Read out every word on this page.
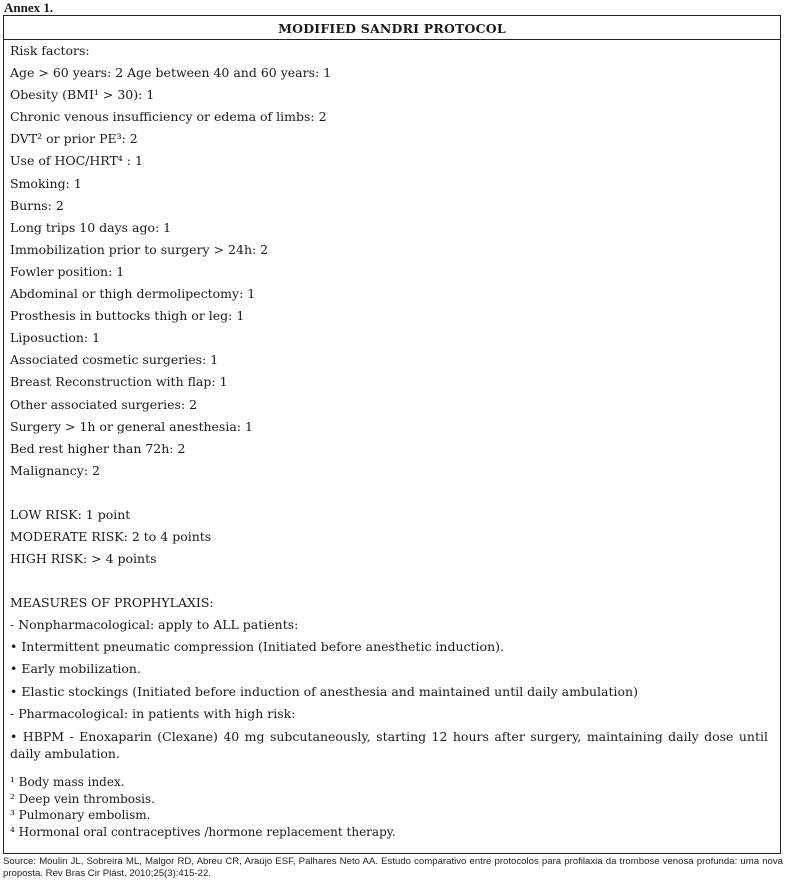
Annex 1.
MODIFIED SANDRI PROTOCOL
Risk factors:
Age > 60 years: 2 Age between 40 and 60 years: 1
Obesity (BMI¹ > 30): 1
Chronic venous insufficiency or edema of limbs: 2
DVT² or prior PE³: 2
Use of HOC/HRT⁴ : 1
Smoking: 1
Burns: 2
Long trips 10 days ago: 1
Immobilization prior to surgery > 24h: 2
Fowler position: 1
Abdominal or thigh dermolipectomy: 1
Prosthesis in buttocks thigh or leg: 1
Liposuction: 1
Associated cosmetic surgeries: 1
Breast Reconstruction with flap: 1
Other associated surgeries: 2
Surgery > 1h or general anesthesia: 1
Bed rest higher than 72h: 2
Malignancy: 2
LOW RISK: 1 point
MODERATE RISK: 2 to 4 points
HIGH RISK: > 4 points
MEASURES OF PROPHYLAXIS:
- Nonpharmacological: apply to ALL patients:
• Intermittent pneumatic compression (Initiated before anesthetic induction).
• Early mobilization.
• Elastic stockings (Initiated before induction of anesthesia and maintained until daily ambulation)
- Pharmacological: in patients with high risk:
• HBPM - Enoxaparin (Clexane) 40 mg subcutaneously, starting 12 hours after surgery, maintaining daily dose until daily ambulation.
¹ Body mass index.
² Deep vein thrombosis.
³ Pulmonary embolism.
⁴ Hormonal oral contraceptives /hormone replacement therapy.
Source: Moulin JL, Sobreira ML, Malgor RD, Abreu CR, Araújo ESF, Palhares Neto AA. Estudo comparativo entre protocolos para profilaxia da trombose venosa profunda: uma nova proposta. Rev Bras Cir Plást. 2010;25(3):415-22.
